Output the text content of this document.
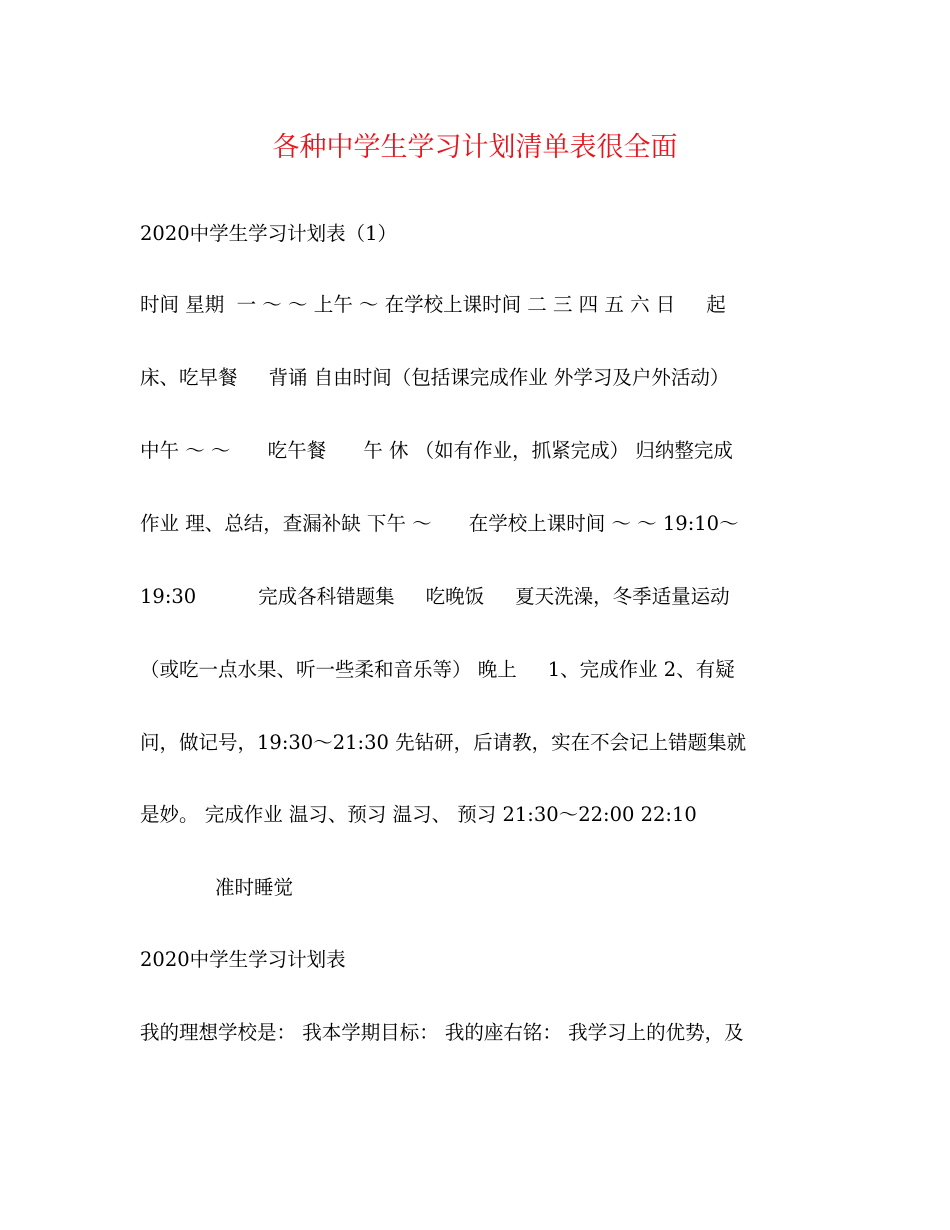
各种中学生学习计划清单表很全面
2020中学生学习计划表（1）
时间 星期  一 ～ ～ 上午 ～ 在学校上课时间 二 三 四 五 六 日     起
床、吃早餐     背诵 自由时间（包括课完成作业 外学习及户外活动）
中午 ～ ～      吃午餐      午 休 （如有作业，抓紧完成） 归纳整完成
作业 理、总结，查漏补缺 下午 ～      在学校上课时间 ～ ～ 19:10～
19:30          完成各科错题集     吃晚饭     夏天洗澡，冬季适量运动
（或吃一点水果、听一些柔和音乐等） 晚上     1、完成作业 2、有疑
问，做记号，19:30～21:30 先钻研，后请教，实在不会记上错题集就
是妙。 完成作业 温习、预习 温习、 预习 21:30～22:00 22:10
准时睡觉
2020中学生学习计划表
我的理想学校是： 我本学期目标： 我的座右铭： 我学习上的优势，及
